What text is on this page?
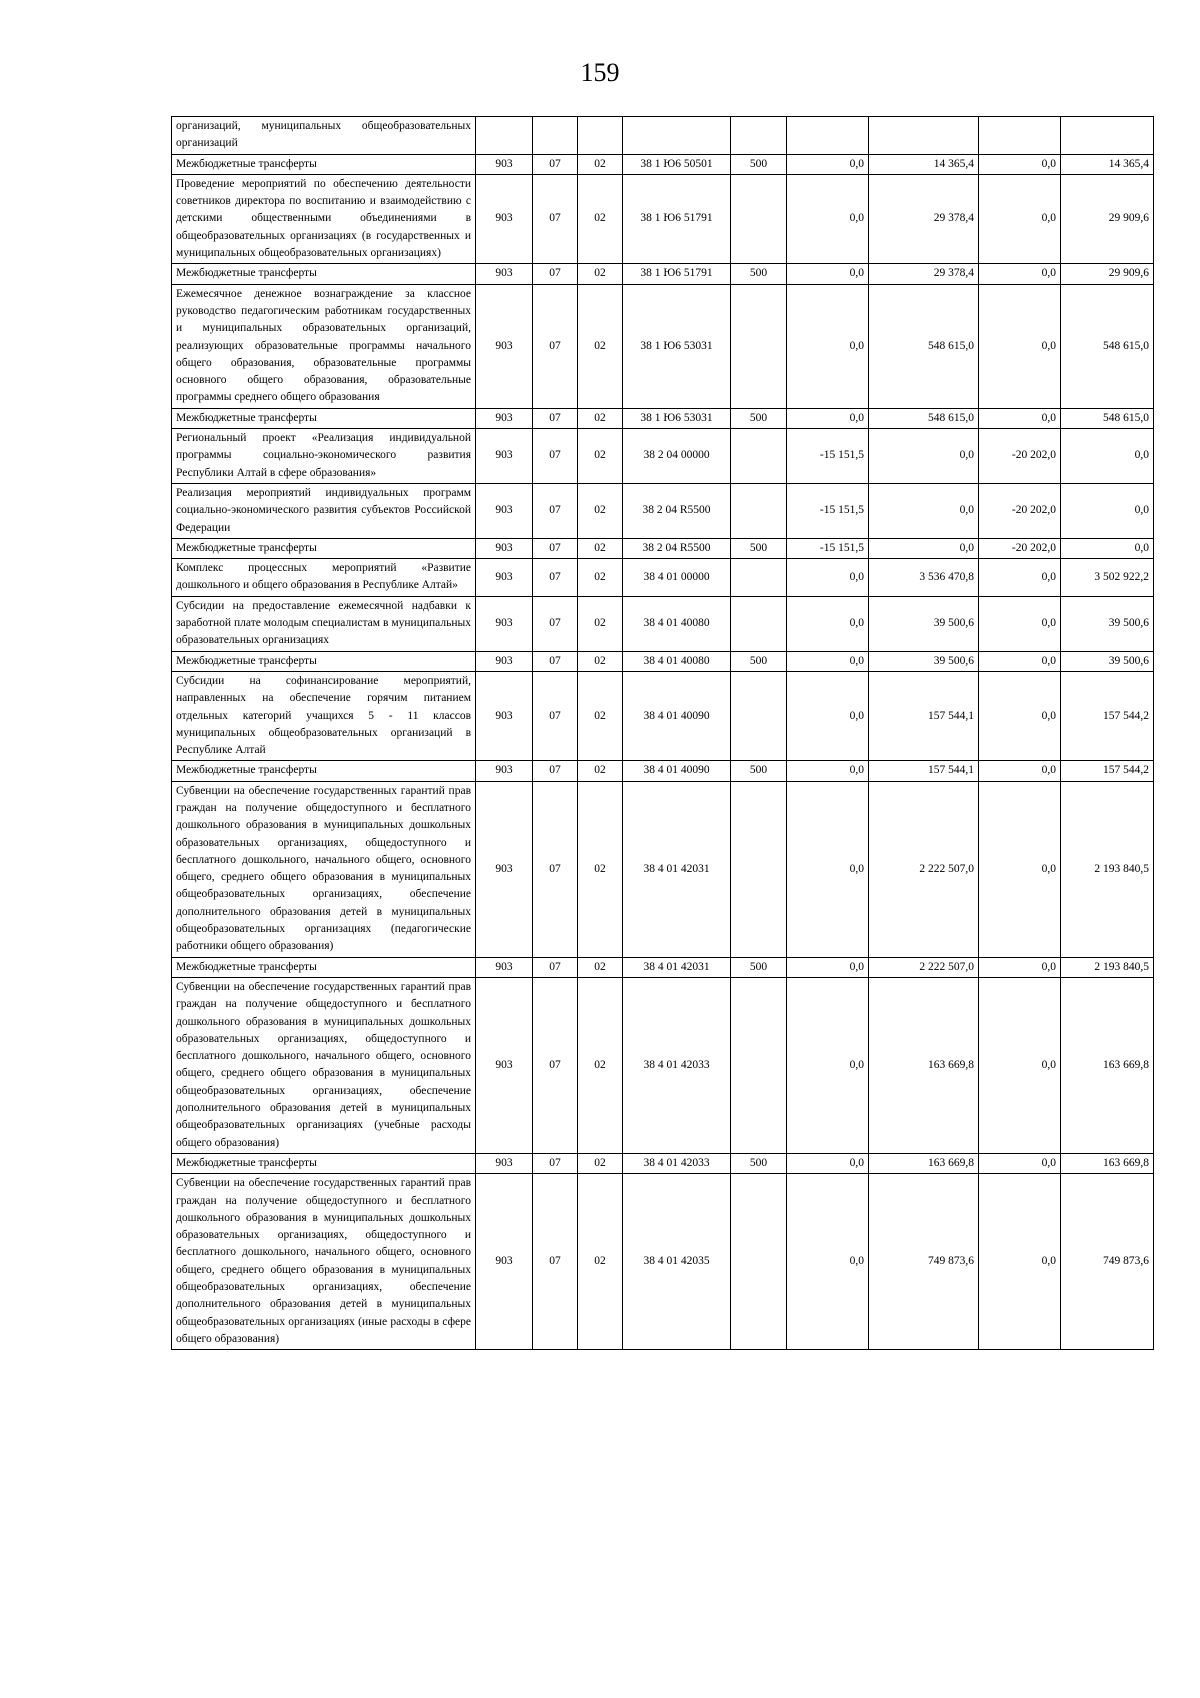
159
организаций, муниципальных общеобразовательных организаций									
Межбюджетные трансферты	903	07	02	38 1 Ю6 50501	500	0,0	14 365,4	0,0	14 365,4
Проведение мероприятий по обеспечению деятельности советников директора по воспитанию и взаимодействию с детскими общественными объединениями в общеобразовательных организациях (в государственных и муниципальных общеобразовательных организациях)	903	07	02	38 1 Ю6 51791		0,0	29 378,4	0,0	29 909,6
Межбюджетные трансферты	903	07	02	38 1 Ю6 51791	500	0,0	29 378,4	0,0	29 909,6
Ежемесячное денежное вознаграждение за классное руководство педагогическим работникам государственных и муниципальных образовательных организаций, реализующих образовательные программы начального общего образования, образовательные программы основного общего образования, образовательные программы среднего общего образования	903	07	02	38 1 Ю6 53031		0,0	548 615,0	0,0	548 615,0
Межбюджетные трансферты	903	07	02	38 1 Ю6 53031	500	0,0	548 615,0	0,0	548 615,0
Региональный проект «Реализация индивидуальной программы социально-экономического развития Республики Алтай в сфере образования»	903	07	02	38 2 04 00000		-15 151,5	0,0	-20 202,0	0,0
Реализация мероприятий индивидуальных программ социально-экономического развития субъектов Российской Федерации	903	07	02	38 2 04 R5500		-15 151,5	0,0	-20 202,0	0,0
Межбюджетные трансферты	903	07	02	38 2 04 R5500	500	-15 151,5	0,0	-20 202,0	0,0
Комплекс процессных мероприятий «Развитие дошкольного и общего образования в Республике Алтай»	903	07	02	38 4 01 00000		0,0	3 536 470,8	0,0	3 502 922,2
Субсидии на предоставление ежемесячной надбавки к заработной плате молодым специалистам в муниципальных образовательных организациях	903	07	02	38 4 01 40080		0,0	39 500,6	0,0	39 500,6
Межбюджетные трансферты	903	07	02	38 4 01 40080	500	0,0	39 500,6	0,0	39 500,6
Субсидии на софинансирование мероприятий, направленных на обеспечение горячим питанием отдельных категорий учащихся 5 - 11 классов муниципальных общеобразовательных организаций в Республике Алтай	903	07	02	38 4 01 40090		0,0	157 544,1	0,0	157 544,2
Межбюджетные трансферты	903	07	02	38 4 01 40090	500	0,0	157 544,1	0,0	157 544,2
Субвенции на обеспечение государственных гарантий прав граждан на получение общедоступного и бесплатного дошкольного образования в муниципальных дошкольных образовательных организациях, общедоступного и бесплатного дошкольного, начального общего, основного общего, среднего общего образования в муниципальных общеобразовательных организациях, обеспечение дополнительного образования детей в муниципальных общеобразовательных организациях (педагогические работники общего образования)	903	07	02	38 4 01 42031		0,0	2 222 507,0	0,0	2 193 840,5
Межбюджетные трансферты	903	07	02	38 4 01 42031	500	0,0	2 222 507,0	0,0	2 193 840,5
Субвенции на обеспечение государственных гарантий прав граждан на получение общедоступного и бесплатного дошкольного образования в муниципальных дошкольных образовательных организациях, общедоступного и бесплатного дошкольного, начального общего, основного общего, среднего общего образования в муниципальных общеобразовательных организациях, обеспечение дополнительного образования детей в муниципальных общеобразовательных организациях (учебные расходы общего образования)	903	07	02	38 4 01 42033		0,0	163 669,8	0,0	163 669,8
Межбюджетные трансферты	903	07	02	38 4 01 42033	500	0,0	163 669,8	0,0	163 669,8
Субвенции на обеспечение государственных гарантий прав граждан на получение общедоступного и бесплатного дошкольного образования в муниципальных дошкольных образовательных организациях, общедоступного и бесплатного дошкольного, начального общего, основного общего, среднего общего образования в муниципальных общеобразовательных организациях, обеспечение дополнительного образования детей в муниципальных общеобразовательных организациях (иные расходы в сфере общего образования)	903	07	02	38 4 01 42035		0,0	749 873,6	0,0	749 873,6
